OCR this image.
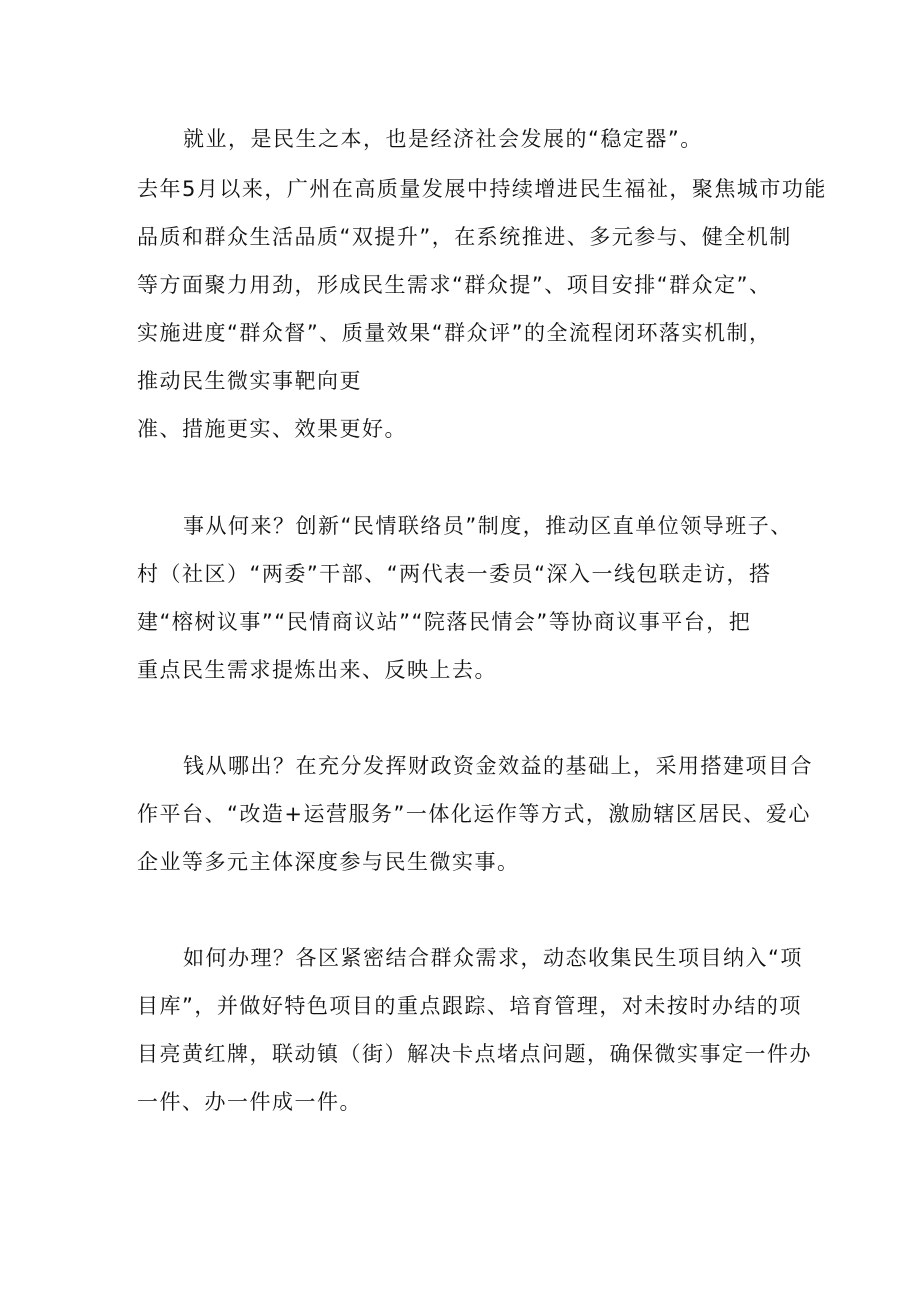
就业，是民生之本，也是经济社会发展的“稳定器”。

去年5月以来，广州在高质量发展中持续增进民生福祉，聚焦城市功能

品质和群众生活品质“双提升”，在系统推进、多元参与、健全机制

等方面聚力用劲，形成民生需求“群众提”、项目安排“群众定”、

实施进度“群众督”、质量效果“群众评”的全流程闭环落实机制，

推动民生微实事靶向更

准、措施更实、效果更好。

事从何来？创新“民情联络员”制度，推动区直单位领导班子、

村（社区）“两委”干部、“两代表一委员“深入一线包联走访，搭

建“榕树议事”“民情商议站”“院落民情会”等协商议事平台，把

重点民生需求提炼出来、反映上去。

钱从哪出？在充分发挥财政资金效益的基础上，采用搭建项目合

作平台、“改造+运营服务”一体化运作等方式，激励辖区居民、爱心

企业等多元主体深度参与民生微实事。

如何办理？各区紧密结合群众需求，动态收集民生项目纳入“项

目库”，并做好特色项目的重点跟踪、培育管理，对未按时办结的项

目亮黄红牌，联动镇（街）解决卡点堵点问题，确保微实事定一件办

一件、办一件成一件。
